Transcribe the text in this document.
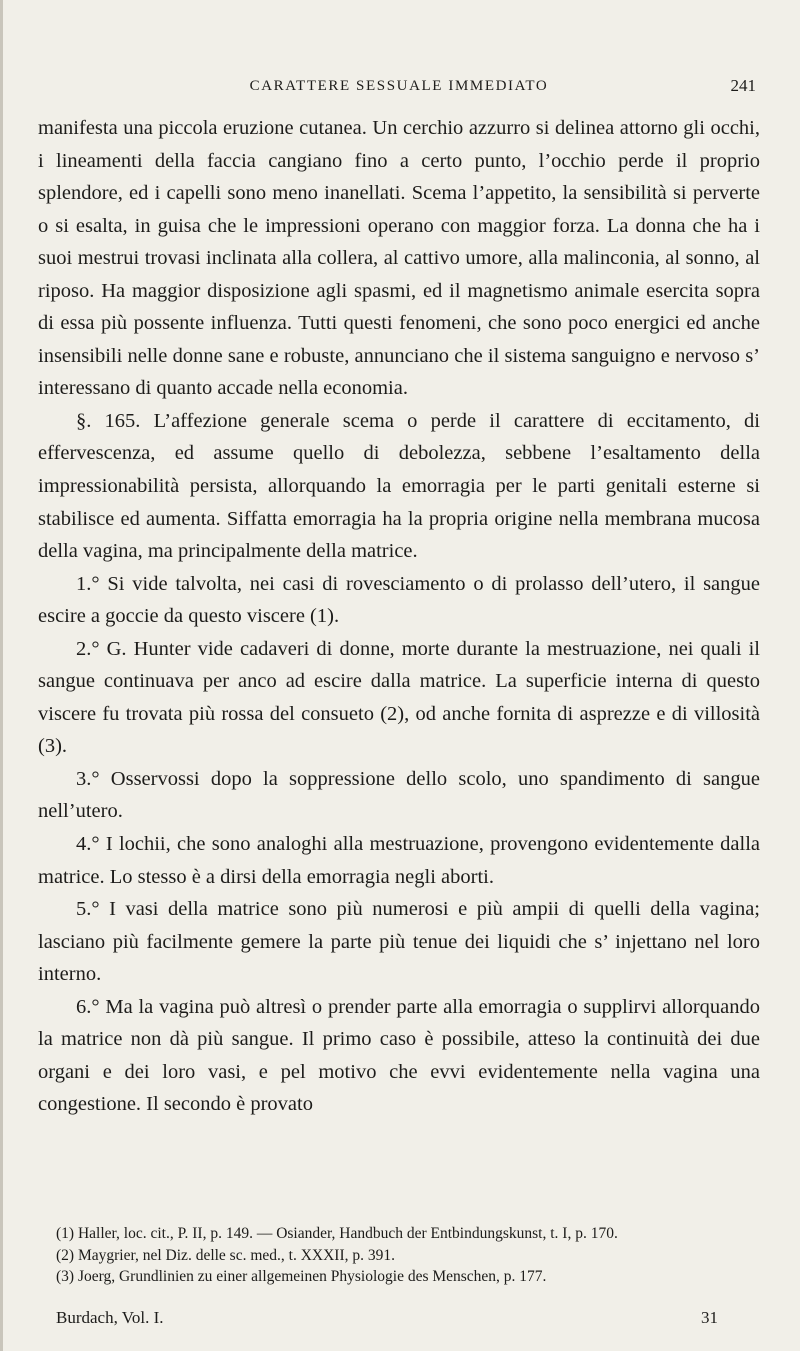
CARATTERE SESSUALE IMMEDIATO	241

manifesta una piccola eruzione cutanea. Un cerchio azzurro si delinea attorno gli occhi, i lineamenti della faccia cangiano fino a certo punto, l’occhio perde il proprio splendore, ed i capelli sono meno inanellati. Scema l’appetito, la sensibilità si perverte o si esalta, in guisa che le impressioni operano con maggior forza. La donna che ha i suoi mestrui trovasi inclinata alla collera, al cattivo umore, alla malinconia, al sonno, al riposo. Ha maggior disposizione agli spasmi, ed il magnetismo animale esercita sopra di essa più possente influenza. Tutti questi fenomeni, che sono poco energici ed anche insensibili nelle donne sane e robuste, annunciano che il sistema sanguigno e nervoso s’ interessano di quanto accade nella economia.

§. 165. L’affezione generale scema o perde il carattere di eccitamento, di effervescenza, ed assume quello di debolezza, sebbene l’esaltamento della impressionabilità persista, allorquando la emorragia per le parti genitali esterne si stabilisce ed aumenta. Siffatta emorragia ha la propria origine nella membrana mucosa della vagina, ma principalmente della matrice.

1.° Si vide talvolta, nei casi di rovesciamento o di prolasso dell’utero, il sangue escire a goccie da questo viscere (1).

2.° G. Hunter vide cadaveri di donne, morte durante la mestruazione, nei quali il sangue continuava per anco ad escire dalla matrice. La superficie interna di questo viscere fu trovata più rossa del consueto (2), od anche fornita di asprezze e di villosità (3).

3.° Osservossi dopo la soppressione dello scolo, uno spandimento di sangue nell’utero.

4.° I lochii, che sono analoghi alla mestruazione, provengono evidentemente dalla matrice. Lo stesso è a dirsi della emorragia negli aborti.

5.° I vasi della matrice sono più numerosi e più ampii di quelli della vagina; lasciano più facilmente gemere la parte più tenue dei liquidi che s’ injettano nel loro interno.

6.° Ma la vagina può altresì o prender parte alla emorragia o supplirvi allorquando la matrice non dà più sangue. Il primo caso è possibile, atteso la continuità dei due organi e dei loro vasi, e pel motivo che evvi evidentemente nella vagina una congestione. Il secondo è provato

(1) Haller, loc. cit., P. II, p. 149. — Osiander, Handbuch der Entbindungskunst, t. I, p. 170.
(2) Maygrier, nel Diz. delle sc. med., t. XXXII, p. 391.
(3) Joerg, Grundlinien zu einer allgemeinen Physiologie des Menschen, p. 177.
Burdach, Vol. I.	31
